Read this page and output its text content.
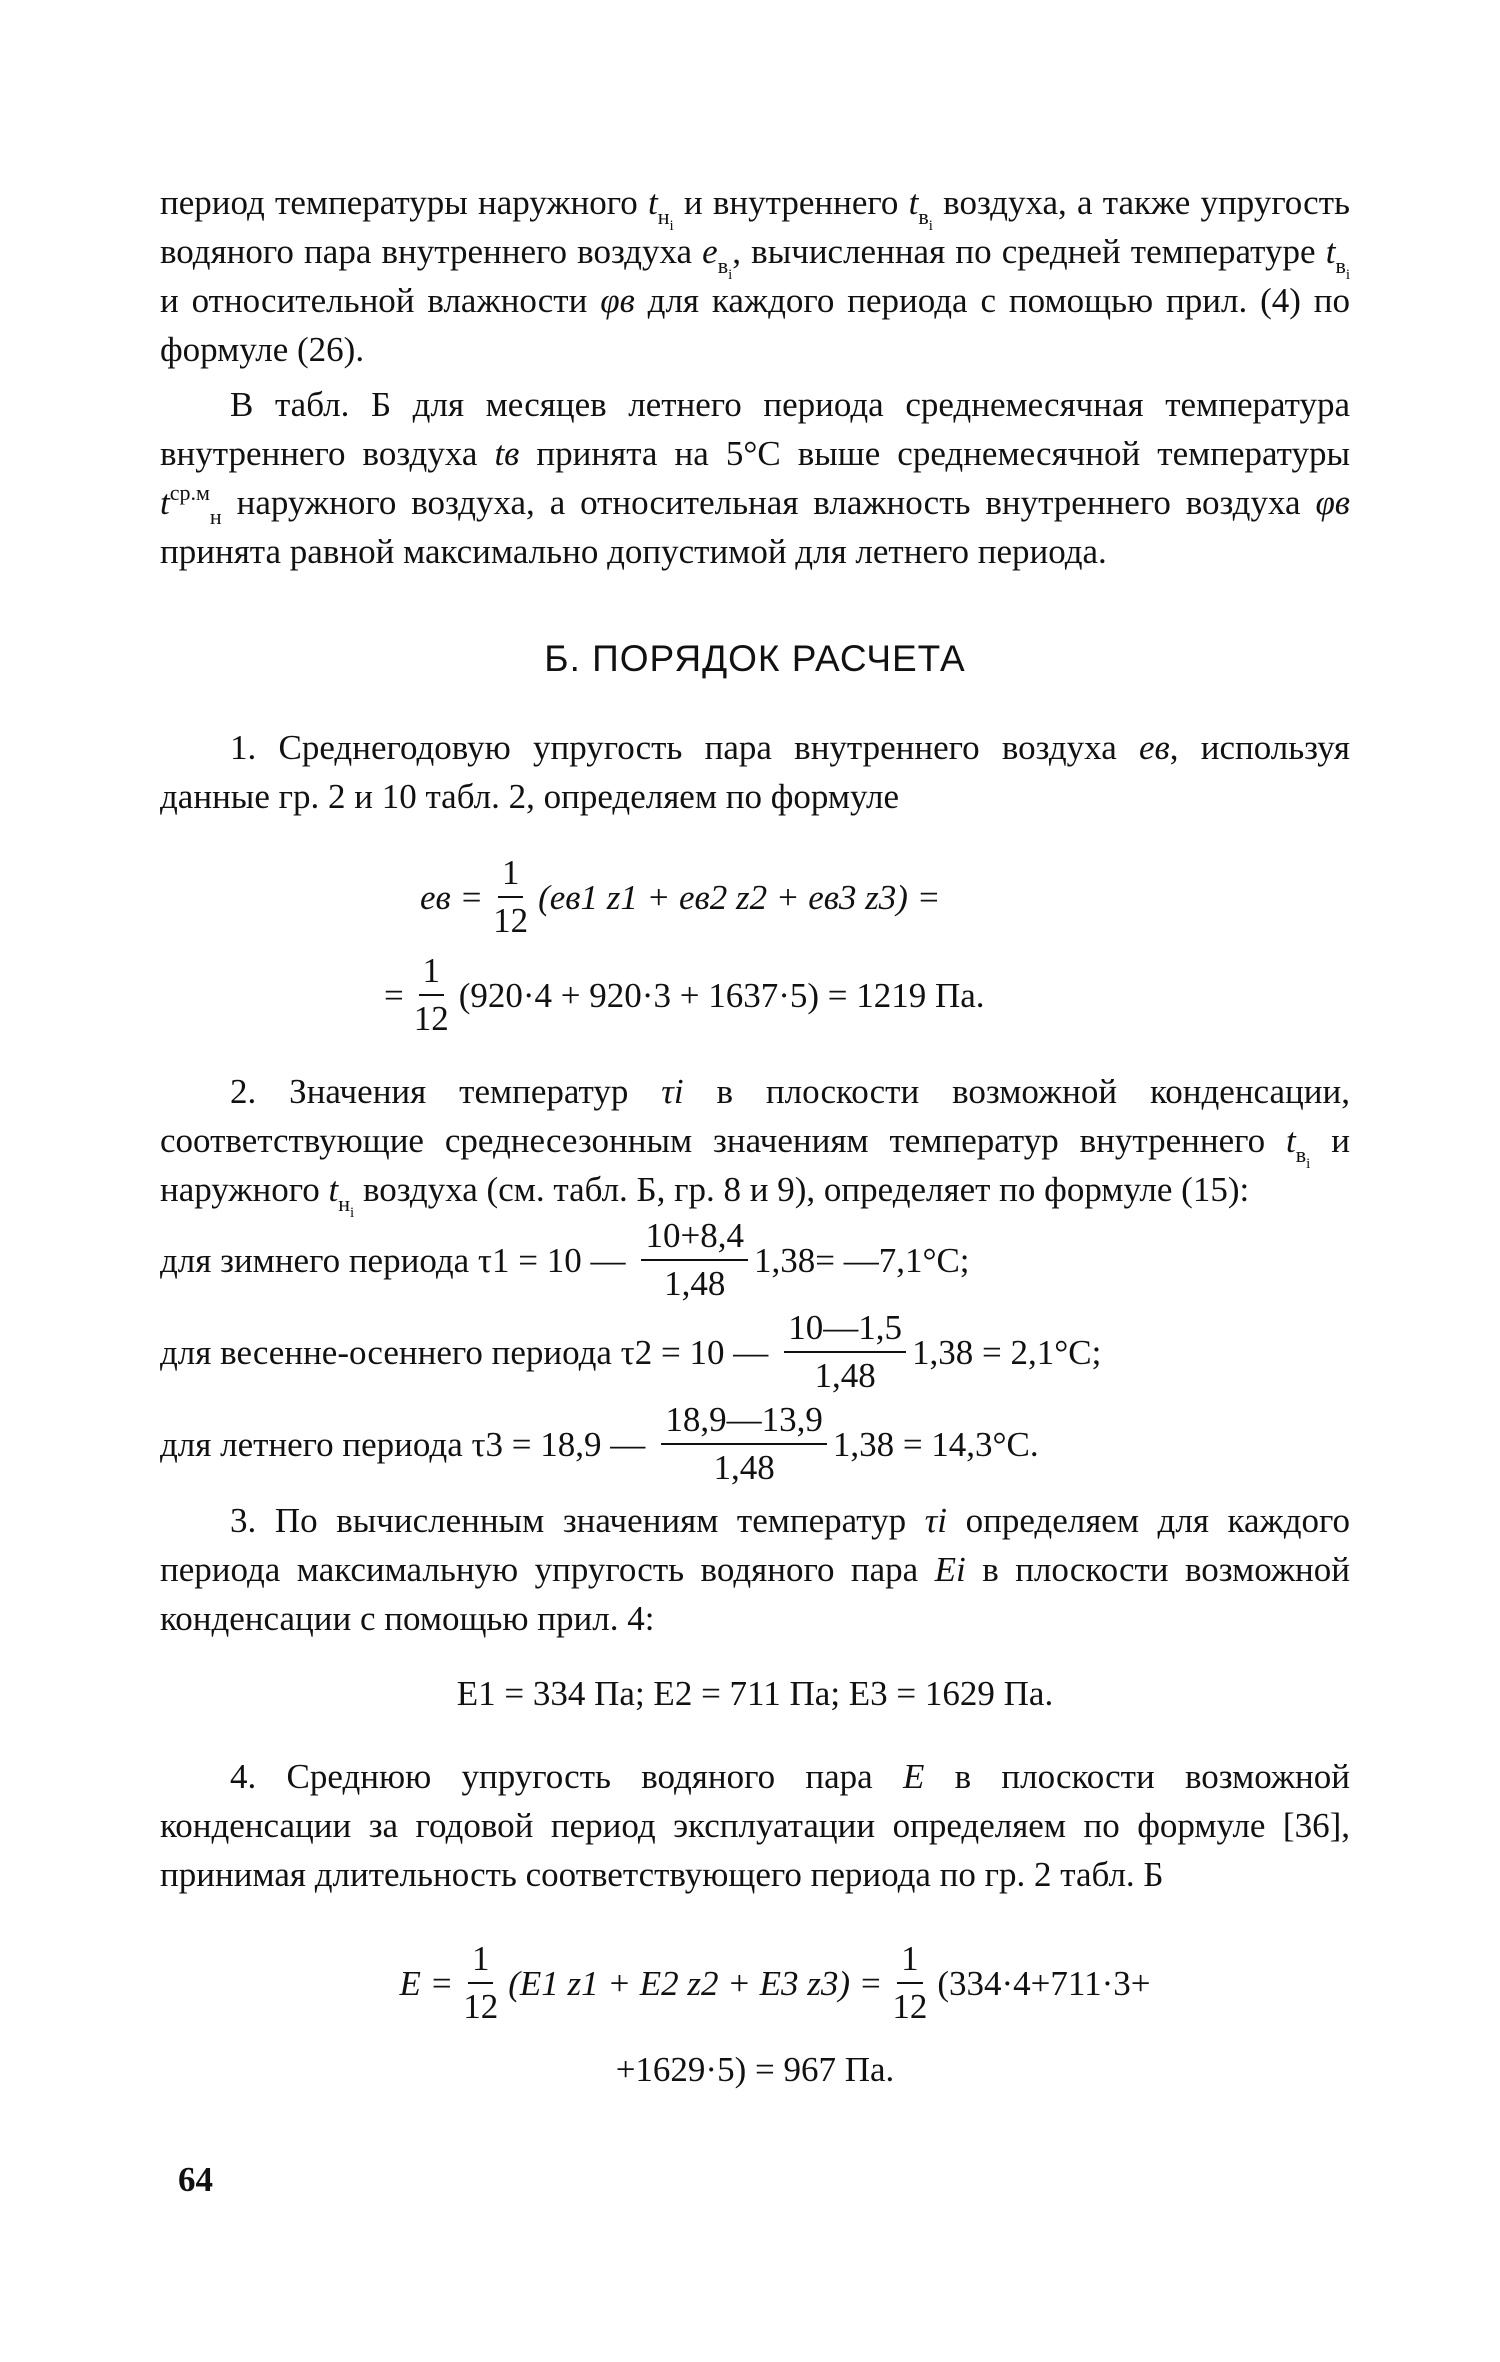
период температуры наружного $t_{н_i}$ и внутреннего $t_{в_i}$ воздуха, а также упругость водяного пара внутреннего воздуха $e_{в_i}$, вычисленная по средней температуре $t_{в_i}$ и относительной влажности φв для каждого периода с помощью прил. (4) по формуле (26).

В табл. Б для месяцев летнего периода среднемесячная температура внутреннего воздуха tв принята на 5°С выше среднемесячной температуры $t^{ср.м}_н$ наружного воздуха, а относительная влажность внутреннего воздуха φв принята равной максимально допустимой для летнего периода.

Б. ПОРЯДОК РАСЧЕТА

1. Среднегодовую упругость пара внутреннего воздуха eв, используя данные гр. 2 и 10 табл. 2, определяем по формуле

eв = $\frac{1}{12} (eв1$ z1 + eв2 z2 + eв3 z3) =
= $\frac{1}{12} (920\cdot 4 + 920\cdot 3 + 1637\cdot 5) = 1219$ Па.

2. Значения температур τi в плоскости возможной конденсации, соответствующие среднесезонным значениям температур внутреннего $t_{в_i}$ и наружного $t_{н_i}$ воздуха (см. табл. Б, гр. 8 и 9), определяет по формуле (15):

для зимнего периода τ1 = 10 — $\frac{10+8,4}{1,48} 1,38=$ —7,1°С;
для весенне-осеннего периода τ2 = 10 — $\frac{10—1,5}{1,48} 1,38 = 2,1^\circ С$;
для летнего периода τ3 = 18,9 — $\frac{18,9—13,9}{1,48} 1,38 = 14,3^\circ С$.

3. По вычисленным значениям температур τi определяем для каждого периода максимальную упругость водяного пара Ei в плоскости возможной конденсации с помощью прил. 4:

E1 = 334 Па; E2 = 711 Па; E3 = 1629 Па.

4. Среднюю упругость водяного пара E в плоскости возможной конденсации за годовой период эксплуатации определяем по формуле [36], принимая длительность соответствующего периода по гр. 2 табл. Б

$E = \frac{1}{12} (E1$ z1 + E2 z2 + E3 $z3) = \frac{1}{12} (334\cdot 4+711\cdot 3+$
+1629·5) = 967 Па.
64
